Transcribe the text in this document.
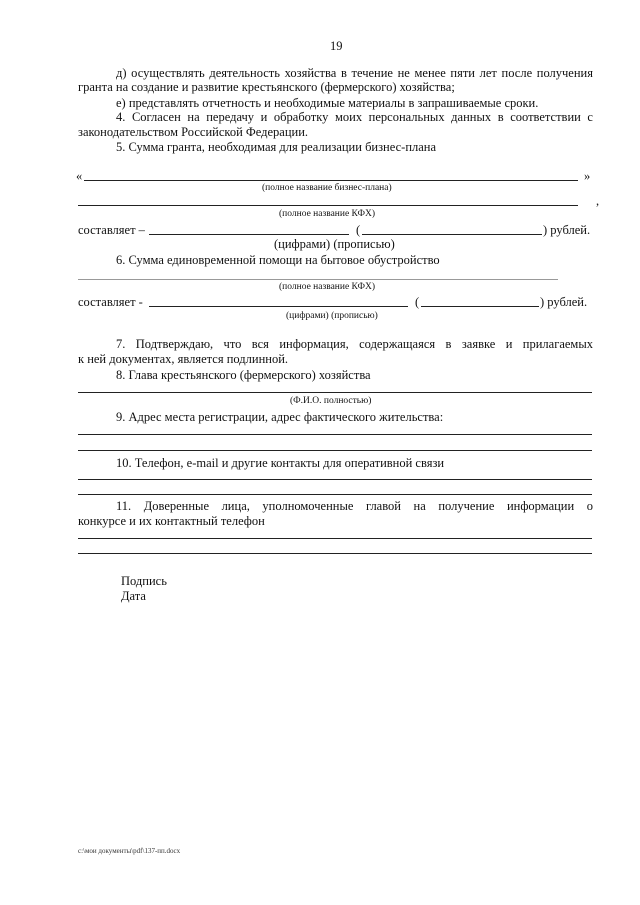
19
д) осуществлять деятельность хозяйства в течение не менее пяти лет после получения
гранта на создание и развитие крестьянского (фермерского) хозяйства;
е) представлять отчетность и необходимые материалы в запрашиваемые сроки.
4. Согласен на передачу и обработку моих персональных данных в соответствии с
законодательством Российской Федерации.
5. Сумма гранта, необходимая для реализации бизнес-плана
«	»
(полное название бизнес-плана)
,
(полное название КФХ)
составляет –	(	) рублей.
(цифрами) (прописью)
6. Сумма единовременной помощи на бытовое обустройство
(полное название КФХ)
составляет -	(	) рублей.
(цифрами) (прописью)
7. Подтверждаю, что вся информация, содержащаяся в заявке и прилагаемых
к ней документах, является подлинной.
8. Глава крестьянского (фермерского) хозяйства
(Ф.И.О. полностью)
9. Адрес места регистрации, адрес фактического жительства:
10. Телефон, e-mail и другие контакты для оперативной связи
11. Доверенные лица, уполномоченные главой на получение информации о
конкурсе и их контактный телефон
Подпись
Дата
c:\мои документы\pdf\137-пп.docx
